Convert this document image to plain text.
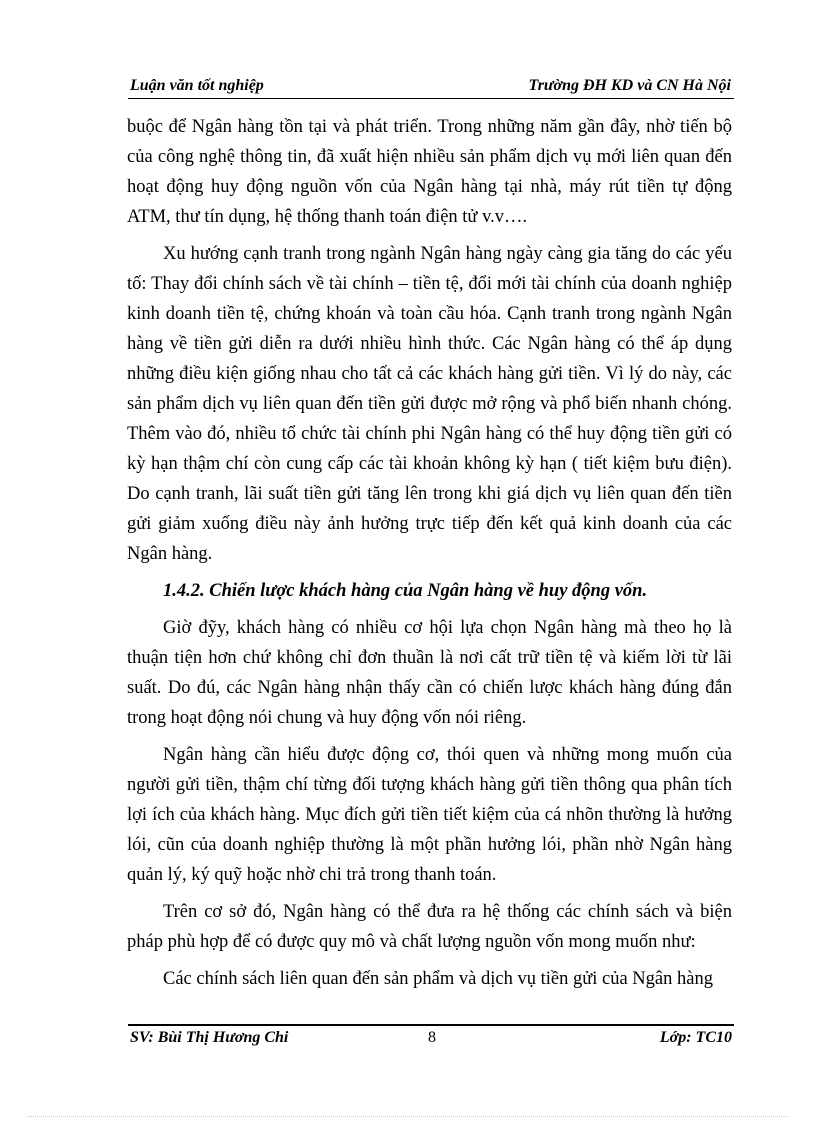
Luận văn tốt nghiệp	Trường ĐH KD và CN Hà Nội

buộc để Ngân hàng tồn tại và phát triển. Trong những năm gần đây, nhờ tiến bộ của công nghệ thông tin, đã xuất hiện nhiều sản phẩm dịch vụ mới liên quan đến hoạt động huy động nguồn vốn của Ngân hàng tại nhà, máy rút tiền tự động ATM, thư tín dụng, hệ thống thanh toán điện tử v.v….

Xu hướng cạnh tranh trong ngành Ngân hàng ngày càng gia tăng do các yếu tố: Thay đổi chính sách về tài chính – tiền tệ, đổi mới tài chính của doanh nghiệp kinh doanh tiền tệ, chứng khoán và toàn cầu hóa. Cạnh tranh trong ngành Ngân hàng về tiền gửi diễn ra dưới nhiều hình thức. Các Ngân hàng có thể áp dụng những điều kiện giống nhau cho tất cả các khách hàng gửi tiền. Vì lý do này, các sản phẩm dịch vụ liên quan đến tiền gửi được mở rộng và phổ biến nhanh chóng. Thêm vào đó, nhiều tổ chức tài chính phi Ngân hàng có thể huy động tiền gửi có kỳ hạn thậm chí còn cung cấp các tài khoản không kỳ hạn ( tiết kiệm bưu điện). Do cạnh tranh, lãi suất tiền gửi tăng lên trong khi giá dịch vụ liên quan đến tiền gửi giảm xuống điều này ảnh hưởng trực tiếp đến kết quả kinh doanh của các Ngân hàng.

1.4.2. Chiến lược khách hàng của Ngân hàng về huy động vốn.

Giờ đỹy, khách hàng có nhiều cơ hội lựa chọn Ngân hàng mà theo họ là thuận tiện hơn chứ không chỉ đơn thuần là nơi cất trữ tiền tệ và kiếm lời từ lãi suất. Do đú, các Ngân hàng nhận thấy cần có chiến lược khách hàng đúng đắn trong hoạt động nói chung và huy động vốn nói riêng.

Ngân hàng cần hiểu được động cơ, thói quen và những mong muốn của người gửi tiền, thậm chí từng đối tượng khách hàng gửi tiền thông qua phân tích lợi ích của khách hàng. Mục đích gửi tiền tiết kiệm của cá nhõn thường là hưởng lói, cũn của doanh nghiệp thường là một phần hưởng lói, phần nhờ Ngân hàng quản lý, ký quỹ hoặc nhờ chi trả trong thanh toán.

Trên cơ sở đó, Ngân hàng có thể đưa ra hệ thống các chính sách và biện pháp phù hợp để có được quy mô và chất lượng nguồn vốn mong muốn như:

Các chính sách liên quan đến sản phẩm và dịch vụ tiền gửi của Ngân hàng

SV: Bùi Thị Hương Chi	8	Lớp: TC10
